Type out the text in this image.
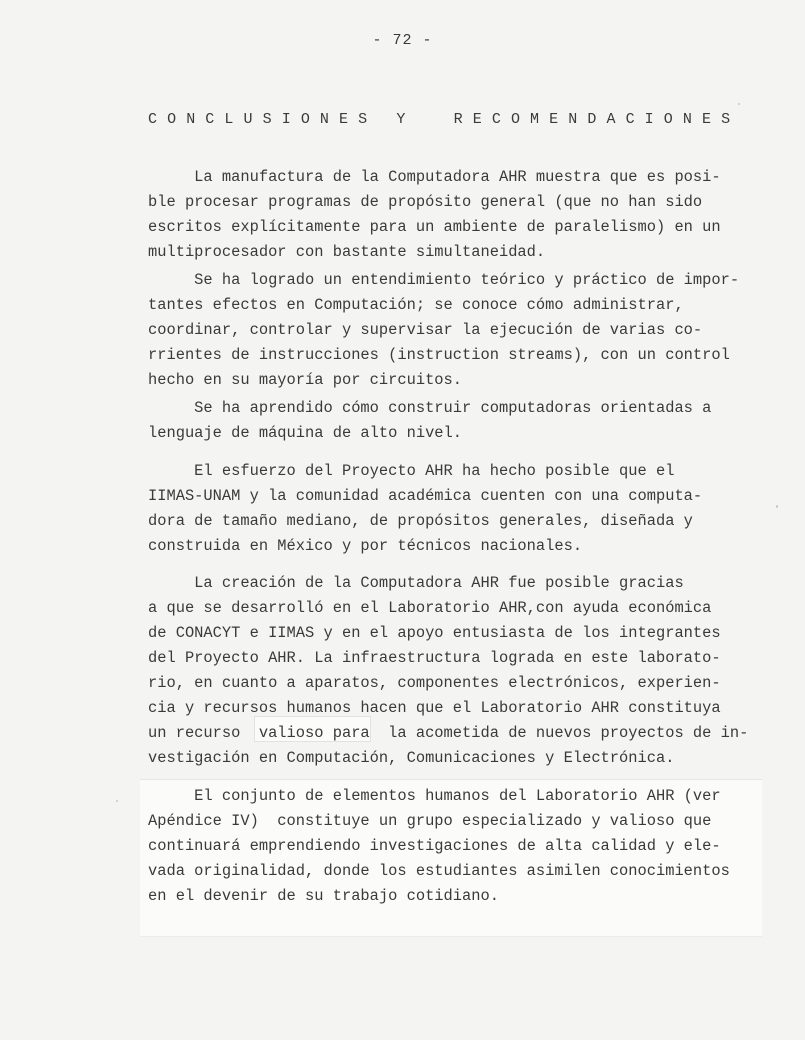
- 72 -
C O N C L U S I O N E S   Y     R E C O M E N D A C I O N E S

La manufactura de la Computadora AHR muestra que es posi-
ble procesar programas de propósito general (que no han sido
escritos explícitamente para un ambiente de paralelismo) en un
multiprocesador con bastante simultaneidad.

Se ha logrado un entendimiento teórico y práctico de impor-
tantes efectos en Computación; se conoce cómo administrar,
coordinar, controlar y supervisar la ejecución de varias co-
rrientes de instrucciones (instruction streams), con un control
hecho en su mayoría por circuitos.

Se ha aprendido cómo construir computadoras orientadas a
lenguaje de máquina de alto nivel.

El esfuerzo del Proyecto AHR ha hecho posible que el
IIMAS-UNAM y la comunidad académica cuenten con una computa-
dora de tamaño mediano, de propósitos generales, diseñada y
construida en México y por técnicos nacionales.

La creación de la Computadora AHR fue posible gracias
a que se desarrolló en el Laboratorio AHR,con ayuda económica
de CONACYT e IIMAS y en el apoyo entusiasta de los integrantes
del Proyecto AHR. La infraestructura lograda en este laborato-
rio, en cuanto a aparatos, componentes electrónicos, experien-
cia y recursos humanos hacen que el Laboratorio AHR constituya
un recurso  valioso para  la acometida de nuevos proyectos de in-
vestigación en Computación, Comunicaciones y Electrónica.

El conjunto de elementos humanos del Laboratorio AHR (ver
Apéndice IV)  constituye un grupo especializado y valioso que
continuará emprendiendo investigaciones de alta calidad y ele-
vada originalidad, donde los estudiantes asimilen conocimientos
en el devenir de su trabajo cotidiano.
